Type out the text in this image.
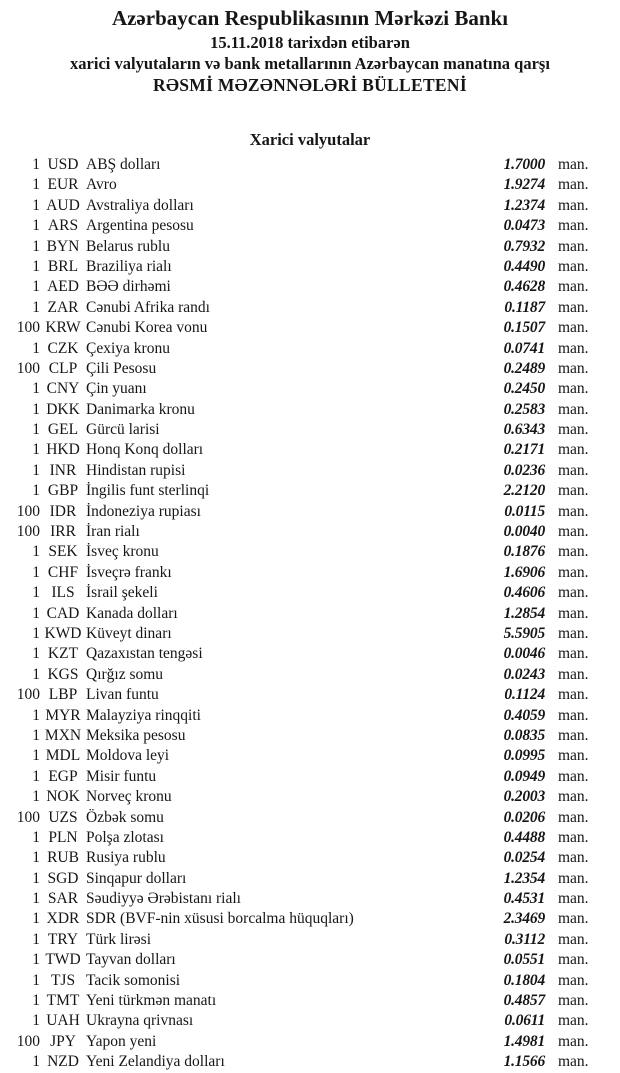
Azərbaycan Respublikasının Mərkəzi Bankı
15.11.2018 tarixdən etibarən
xarici valyutaların və bank metallarının Azərbaycan manatına qarşı
RƏSMİ MƏZƏNNƏLƏRİ BÜLLETENİ
Xarici valyutalar
1 USD ABŞ dolları	1.7000 man.
1 EUR Avro	1.9274 man.
1 AUD Avstraliya dolları	1.2374 man.
1 ARS Argentina pesosu	0.0473 man.
1 BYN Belarus rublu	0.7932 man.
1 BRL Braziliya rialı	0.4490 man.
1 AED BƏƏ dirhəmi	0.4628 man.
1 ZAR Cənubi Afrika randı	0.1187 man.
100 KRW Cənubi Korea vonu	0.1507 man.
1 CZK Çexiya kronu	0.0741 man.
100 CLP Çili Pesosu	0.2489 man.
1 CNY Çin yuanı	0.2450 man.
1 DKK Danimarka kronu	0.2583 man.
1 GEL Gürcü larisi	0.6343 man.
1 HKD Honq Konq dolları	0.2171 man.
1 INR Hindistan rupisi	0.0236 man.
1 GBP İngilis funt sterlinqi	2.2120 man.
100 IDR İndoneziya rupiası	0.0115 man.
100 IRR İran rialı	0.0040 man.
1 SEK İsveç kronu	0.1876 man.
1 CHF İsveçrə frankı	1.6906 man.
1 ILS İsrail şekeli	0.4606 man.
1 CAD Kanada dolları	1.2854 man.
1 KWD Küveyt dinarı	5.5905 man.
1 KZT Qazaxıstan tengəsi	0.0046 man.
1 KGS Qırğız somu	0.0243 man.
100 LBP Livan funtu	0.1124 man.
1 MYR Malayziya rinqqiti	0.4059 man.
1 MXN Meksika pesosu	0.0835 man.
1 MDL Moldova leyi	0.0995 man.
1 EGP Misir funtu	0.0949 man.
1 NOK Norveç kronu	0.2003 man.
100 UZS Özbək somu	0.0206 man.
1 PLN Polşa zlotası	0.4488 man.
1 RUB Rusiya rublu	0.0254 man.
1 SGD Sinqapur dolları	1.2354 man.
1 SAR Səudiyyə Ərəbistanı rialı	0.4531 man.
1 XDR SDR (BVF-nin xüsusi borcalma hüquqları)	2.3469 man.
1 TRY Türk lirəsi	0.3112 man.
1 TWD Tayvan dolları	0.0551 man.
1 TJS Tacik somonisi	0.1804 man.
1 TMT Yeni türkmən manatı	0.4857 man.
1 UAH Ukrayna qrivnası	0.0611 man.
100 JPY Yapon yeni	1.4981 man.
1 NZD Yeni Zelandiya dolları	1.1566 man.
